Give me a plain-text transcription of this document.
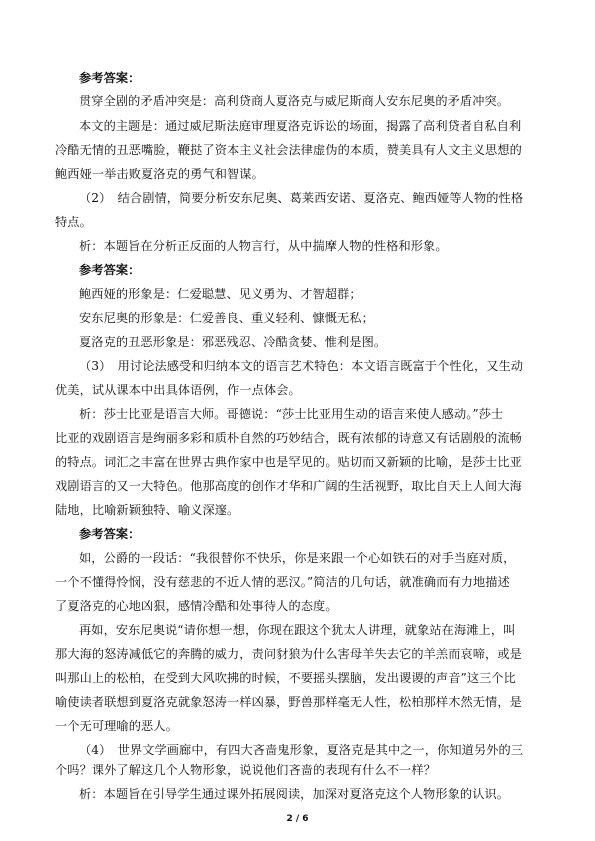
参考答案：
贯穿全剧的矛盾冲突是：高利贷商人夏洛克与威尼斯商人安东尼奥的矛盾冲突。
本文的主题是：通过威尼斯法庭审理夏洛克诉讼的场面，揭露了高利贷者自私自利
冷酷无情的丑恶嘴脸，鞭挞了资本主义社会法律虚伪的本质，赞美具有人文主义思想的
鲍西娅一举击败夏洛克的勇气和智谋。
（2）　结合剧情，简要分析安东尼奥、葛莱西安诺、夏洛克、鲍西娅等人物的性格
特点。
析：本题旨在分析正反面的人物言行，从中揣摩人物的性格和形象。
参考答案：
鲍西娅的形象是：仁爱聪慧、见义勇为、才智超群；
安东尼奥的形象是：仁爱善良、重义轻利、慷慨无私；
夏洛克的丑恶形象是：邪恶残忍、冷酷贪婪、惟利是图。
（3）　用讨论法感受和归纳本文的语言艺术特色：本文语言既富于个性化，又生动
优美，试从课本中出具体语例，作一点体会。
析：莎士比亚是语言大师。哥德说：“莎士比亚用生动的语言来使人感动。”莎士
比亚的戏剧语言是绚丽多彩和质朴自然的巧妙结合，既有浓郁的诗意又有话剧般的流畅
的特点。词汇之丰富在世界古典作家中也是罕见的。贴切而又新颖的比喻，是莎士比亚
戏剧语言的又一大特色。他那高度的创作才华和广阔的生活视野，取比自天上人间大海
陆地，比喻新颖独特、喻义深邃。
参考答案：
如，公爵的一段话：“我很替你不快乐，你是来跟一个心如铁石的对手当庭对质，
一个不懂得怜悯，没有慈悲的不近人情的恶汉。”简洁的几句话，就准确而有力地描述
了夏洛克的心地凶狠，感情冷酷和处事待人的态度。
再如，安东尼奥说“请你想一想，你现在跟这个犹太人讲理，就象站在海滩上，叫
那大海的怒涛减低它的奔腾的威力，责问豺狼为什么害母羊失去它的羊羔而哀啼，或是
叫那山上的松柏，在受到大风吹拂的时候，不要摇头摆脑，发出谡谡的声音”这三个比
喻使读者联想到夏洛克就象怒涛一样凶暴，野兽那样毫无人性，松柏那样木然无情，是
一个无可理喻的恶人。
（4）　世界文学画廊中，有四大吝啬鬼形象，夏洛克是其中之一，你知道另外的三
个吗？课外了解这几个人物形象，说说他们吝啬的表现有什么不一样？
析：本题旨在引导学生通过课外拓展阅读，加深对夏洛克这个人物形象的认识。
2 / 6
